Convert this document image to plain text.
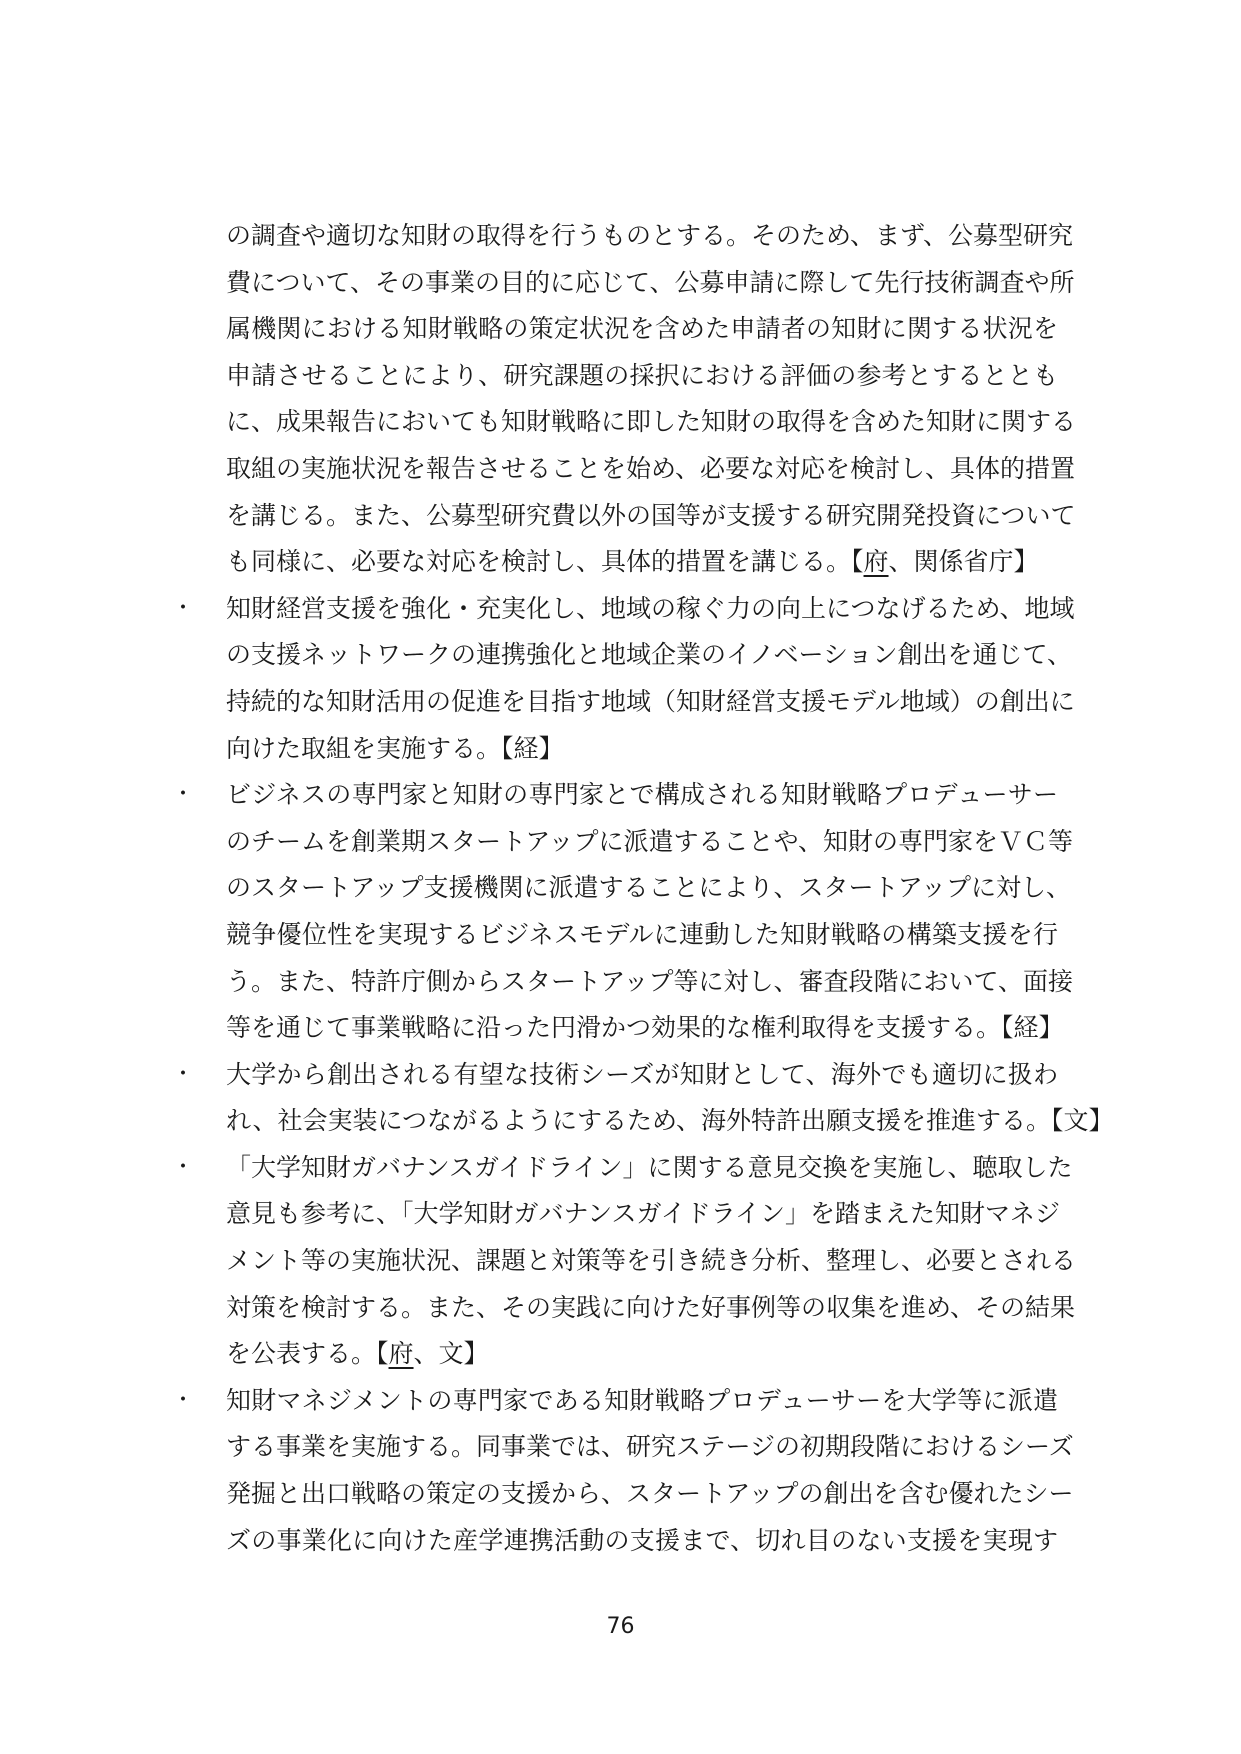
の調査や適切な知財の取得を行うものとする。そのため、まず、公募型研究
費について、その事業の目的に応じて、公募申請に際して先行技術調査や所
属機関における知財戦略の策定状況を含めた申請者の知財に関する状況を
申請させることにより、研究課題の採択における評価の参考とするととも
に、成果報告においても知財戦略に即した知財の取得を含めた知財に関する
取組の実施状況を報告させることを始め、必要な対応を検討し、具体的措置
を講じる。また、公募型研究費以外の国等が支援する研究開発投資について
も同様に、必要な対応を検討し、具体的措置を講じる。【府、関係省庁】
・ 知財経営支援を強化・充実化し、地域の稼ぐ力の向上につなげるため、地域
の支援ネットワークの連携強化と地域企業のイノベーション創出を通じて、
持続的な知財活用の促進を目指す地域（知財経営支援モデル地域）の創出に
向けた取組を実施する。【経】
・ ビジネスの専門家と知財の専門家とで構成される知財戦略プロデューサー
のチームを創業期スタートアップに派遣することや、知財の専門家をＶＣ等
のスタートアップ支援機関に派遣することにより、スタートアップに対し、
競争優位性を実現するビジネスモデルに連動した知財戦略の構築支援を行
う。また、特許庁側からスタートアップ等に対し、審査段階において、面接
等を通じて事業戦略に沿った円滑かつ効果的な権利取得を支援する。【経】
・ 大学から創出される有望な技術シーズが知財として、海外でも適切に扱わ
れ、社会実装につながるようにするため、海外特許出願支援を推進する。【文】
・ 「大学知財ガバナンスガイドライン」に関する意見交換を実施し、聴取した
意見も参考に、「大学知財ガバナンスガイドライン」を踏まえた知財マネジ
メント等の実施状況、課題と対策等を引き続き分析、整理し、必要とされる
対策を検討する。また、その実践に向けた好事例等の収集を進め、その結果
を公表する。【府、文】
・ 知財マネジメントの専門家である知財戦略プロデューサーを大学等に派遣
する事業を実施する。同事業では、研究ステージの初期段階におけるシーズ
発掘と出口戦略の策定の支援から、スタートアップの創出を含む優れたシー
ズの事業化に向けた産学連携活動の支援まで、切れ目のない支援を実現す
76
